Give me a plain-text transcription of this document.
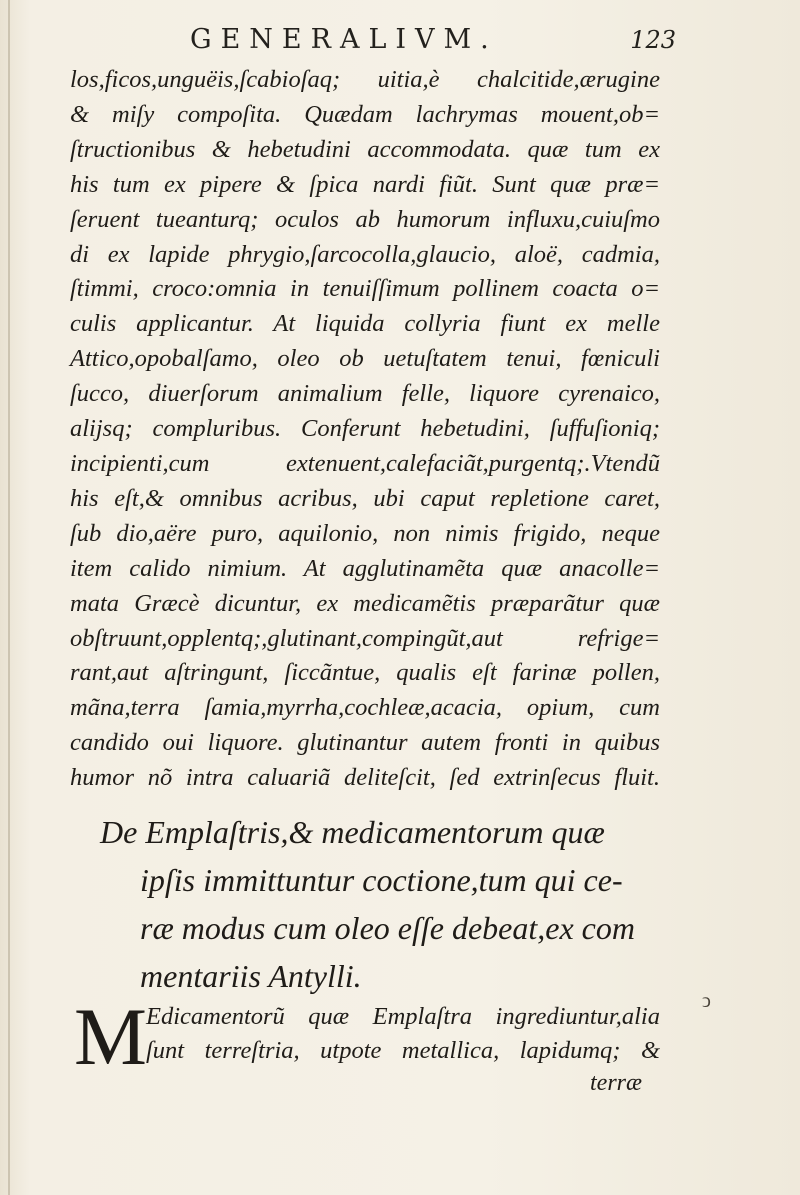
GENERALIVM.	123
los,ficos,unguëis,ſcabioſaq; uitia,è chalcitide,ærugine
& miſy compoſita. Quædam lachrymas mouent,ob=
ſtructionibus & hebetudini accommodata. quæ tum ex
his tum ex pipere & ſpica nardi fiũt. Sunt quæ præ=
ſeruent tueanturq; oculos ab humorum influxu,cuiuſmo
di ex lapide phrygio,ſarcocolla,glaucio, aloë, cadmia,
ſtimmi, croco:omnia in tenuiſſimum pollinem coacta o=
culis applicantur. At liquida collyria fiunt ex melle
Attico,opobalſamo, oleo ob uetuſtatem tenui, fœniculi
ſucco, diuerſorum animalium felle, liquore cyrenaico,
alijsq; compluribus. Conferunt hebetudini, ſuffuſioniq;
incipienti,cum extenuent,calefaciãt,purgentq;.Vtendũ
his eſt,& omnibus acribus, ubi caput repletione caret,
ſub dio,aëre puro, aquilonio, non nimis frigido, neque
item calido nimium. At agglutinamẽta quæ anacolle=
mata Græcè dicuntur, ex medicamẽtis præparãtur quæ
obſtruunt,opplentq;,glutinant,compingũt,aut refrige=
rant,aut aſtringunt, ſiccãntue, qualis eſt farinæ pollen,
mãna,terra ſamia,myrrha,cochleæ,acacia, opium, cum
candido oui liquore. glutinantur autem fronti in quibus
humor nõ intra caluariã deliteſcit, ſed extrinſecus fluit.
De Emplaſtris,& medicamentorum quæ
ipſis immittuntur coctione,tum qui ce-
ræ modus cum oleo eſſe debeat,ex com
mentariis Antylli.
M Edicamentorũ quæ Emplaſtra ingrediuntur,alia
ſunt terreſtria, utpote metallica, lapidumq; &
terræ
ↄ
